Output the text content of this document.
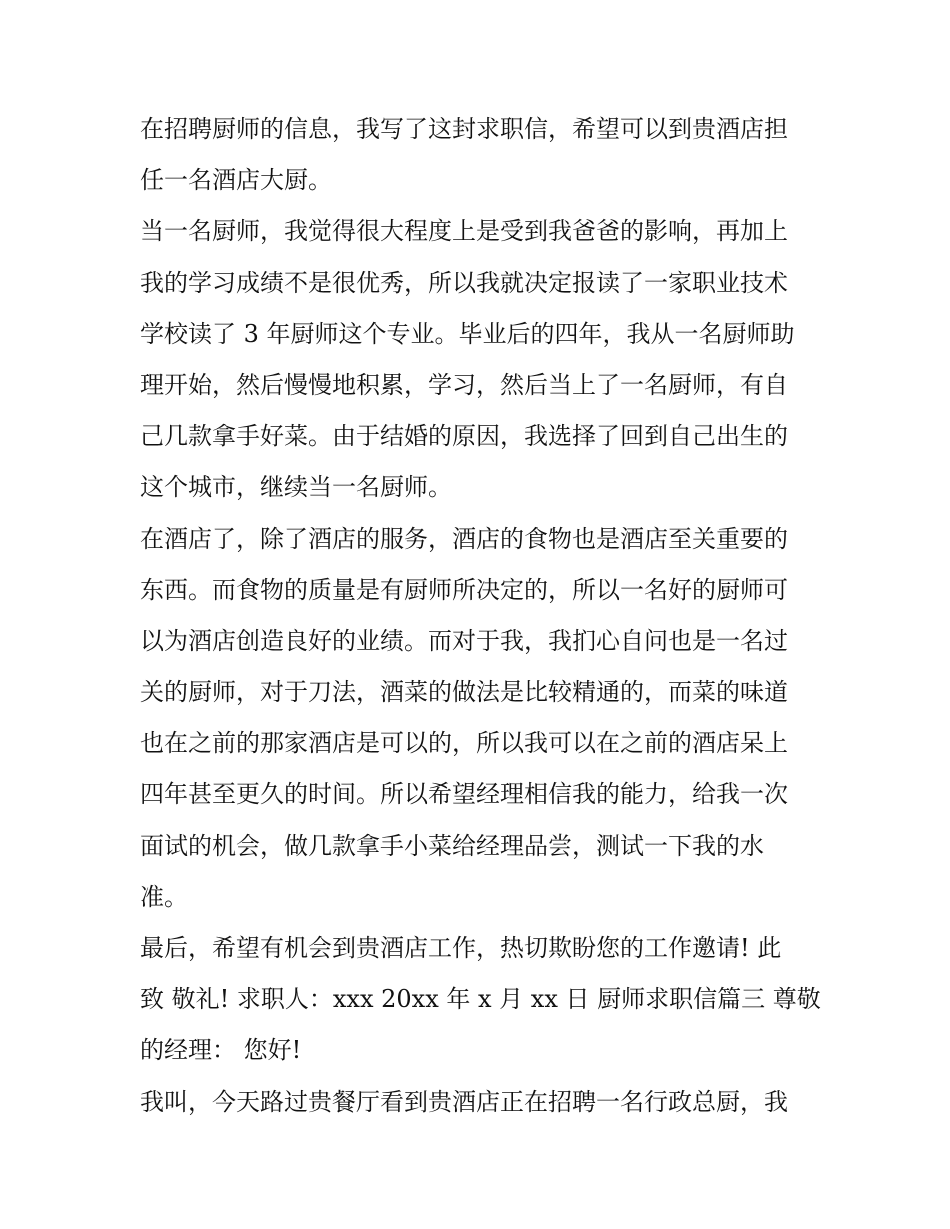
在招聘厨师的信息，我写了这封求职信，希望可以到贵酒店担
任一名酒店大厨。
当一名厨师，我觉得很大程度上是受到我爸爸的影响，再加上
我的学习成绩不是很优秀，所以我就决定报读了一家职业技术
学校读了 3 年厨师这个专业。毕业后的四年，我从一名厨师助
理开始，然后慢慢地积累，学习，然后当上了一名厨师，有自
己几款拿手好菜。由于结婚的原因，我选择了回到自己出生的
这个城市，继续当一名厨师。
在酒店了，除了酒店的服务，酒店的食物也是酒店至关重要的
东西。而食物的质量是有厨师所决定的，所以一名好的厨师可
以为酒店创造良好的业绩。而对于我，我扪心自问也是一名过
关的厨师，对于刀法，酒菜的做法是比较精通的，而菜的味道
也在之前的那家酒店是可以的，所以我可以在之前的酒店呆上
四年甚至更久的时间。所以希望经理相信我的能力，给我一次
面试的机会，做几款拿手小菜给经理品尝，测试一下我的水
准。
最后，希望有机会到贵酒店工作，热切欺盼您的工作邀请! 此
致 敬礼! 求职人：xxx 20xx 年 x 月 xx 日 厨师求职信篇三 尊敬
的经理： 您好!
我叫，今天路过贵餐厅看到贵酒店正在招聘一名行政总厨，我
